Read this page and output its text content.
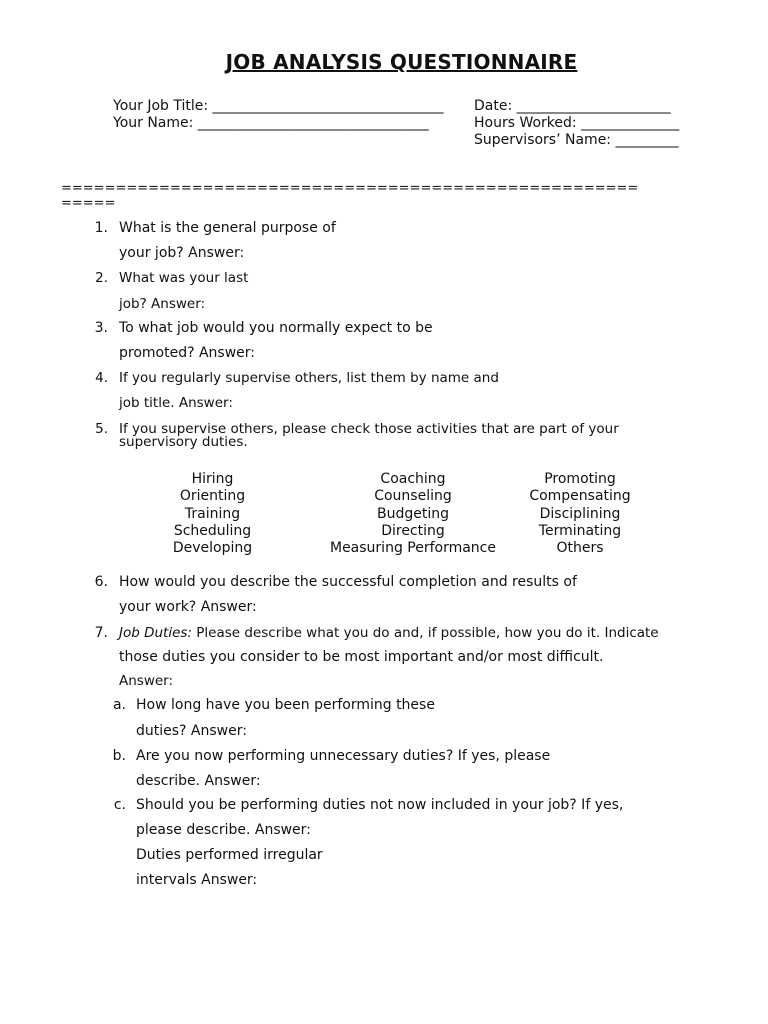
JOB ANALYSIS QUESTIONNAIRE
Your Job Title: _________________________________
Your Name: _________________________________
Date: ______________________
Hours Worked: ______________
Supervisors’ Name: _________
=====================================================
=====
1. What is the general purpose of
your job? Answer:
2. What was your last
job? Answer:
3. To what job would you normally expect to be
promoted? Answer:
4. If you regularly supervise others, list them by name and
job title. Answer:
5. If you supervise others, please check those activities that are part of your
supervisory duties.
Hiring
Orienting
Training
Scheduling
Developing
Coaching
Counseling
Budgeting
Directing
Measuring Performance
Promoting
Compensating
Disciplining
Terminating
Others
6. How would you describe the successful completion and results of
your work? Answer:
7. Job Duties: Please describe what you do and, if possible, how you do it. Indicate
those duties you consider to be most important and/or most difficult.
Answer:
a. How long have you been performing these
duties? Answer:
b. Are you now performing unnecessary duties? If yes, please
describe. Answer:
c. Should you be performing duties not now included in your job? If yes,
please describe. Answer:
Duties performed irregular
intervals Answer:
